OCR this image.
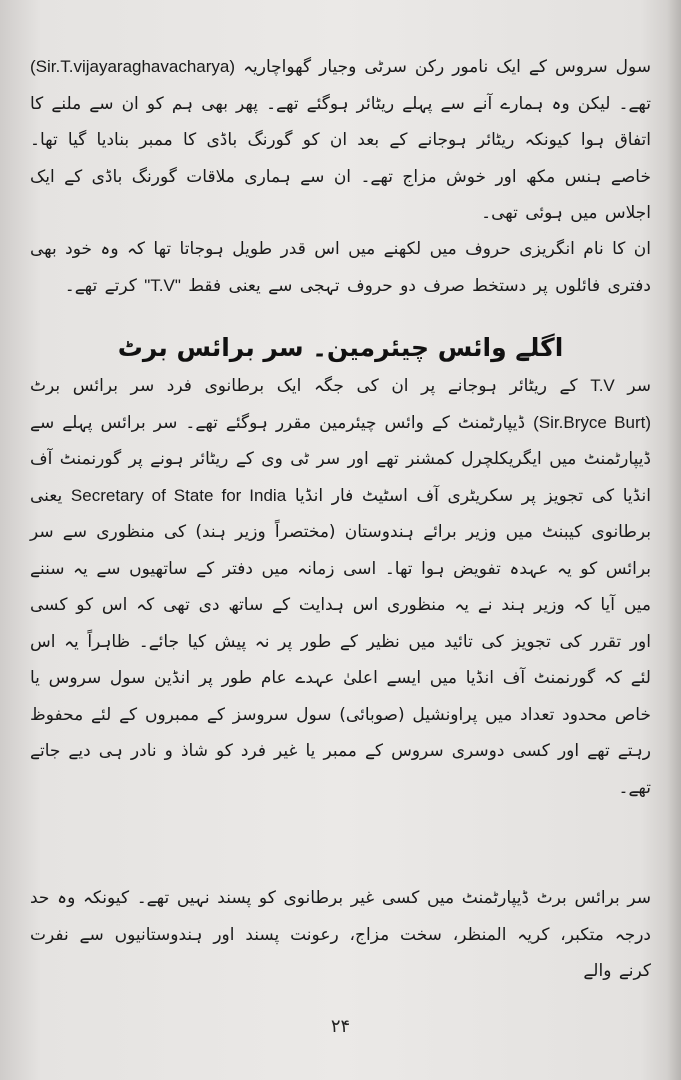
سول سروس کے ایک نامور رکن سرٹی وجیار گھواچاریہ (Sir.T.vijayaraghavacharya) تھے۔ لیکن وہ ہمارے آنے سے پہلے ریٹائر ہوگئے تھے۔ پھر بھی ہم کو ان سے ملنے کا اتفاق ہوا کیونکہ ریٹائر ہوجانے کے بعد ان کو گورنگ باڈی کا ممبر بنادیا گیا تھا۔ خاصے ہنس مکھ اور خوش مزاج تھے۔ ان سے ہماری ملاقات گورنگ باڈی کے ایک اجلاس میں ہوئی تھی۔
ان کا نام انگریزی حروف میں لکھنے میں اس قدر طویل ہوجاتا تھا کہ وہ خود بھی دفتری فائلوں پر دستخط صرف دو حروف تہجی سے یعنی فقط "T.V" کرتے تھے۔
اگلے وائس چیئرمین۔ سر برائس برٹ
سر T.V کے ریٹائر ہوجانے پر ان کی جگہ ایک برطانوی فرد سر برائس برٹ (Sir.Bryce Burt) ڈیپارٹمنٹ کے وائس چیئرمین مقرر ہوگئے تھے۔ سر برائس پہلے سے ڈیپارٹمنٹ میں ایگریکلچرل کمشنر تھے اور سر ٹی وی کے ریٹائر ہونے پر گورنمنٹ آف انڈیا کی تجویز پر سکریٹری آف اسٹیٹ فار انڈیا Secretary of State for India یعنی برطانوی کیبنٹ میں وزیر برائے ہندوستان (مختصراً وزیر ہند) کی منظوری سے سر برائس کو یہ عہدہ تفویض ہوا تھا۔ اسی زمانہ میں دفتر کے ساتھیوں سے یہ سننے میں آیا کہ وزیر ہند نے یہ منظوری اس ہدایت کے ساتھ دی تھی کہ اس کو کسی اور تقرر کی تجویز کی تائید میں نظیر کے طور پر نہ پیش کیا جائے۔ ظاہراً یہ اس لئے کہ گورنمنٹ آف انڈیا میں ایسے اعلیٰ عہدے عام طور پر انڈین سول سروس یا خاص محدود تعداد میں پراونشیل (صوبائی) سول سروسز کے ممبروں کے لئے محفوظ رہتے تھے اور کسی دوسری سروس کے ممبر یا غیر فرد کو شاذ و نادر ہی دیے جاتے تھے۔
سر برائس برٹ ڈیپارٹمنٹ میں کسی غیر برطانوی کو پسند نہیں تھے۔ کیونکہ وہ حد درجہ متکبر، کریہ المنظر، سخت مزاج، رعونت پسند اور ہندوستانیوں سے نفرت کرنے والے
۲۴
